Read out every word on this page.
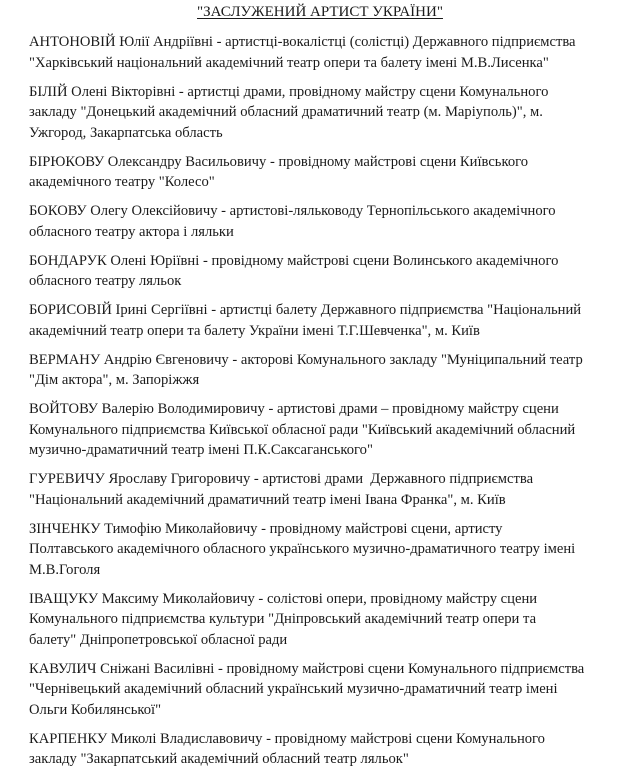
"ЗАСЛУЖЕНИЙ АРТИСТ УКРАЇНИ"
АНТОНОВІЙ Юлії Андріївні - артистці-вокалістці (солістці) Державного підприємства
"Харківський національний академічний театр опери та балету імені М.В.Лисенка"
БІЛІЙ Олені Вікторівні - артистці драми, провідному майстру сцени Комунального
закладу "Донецький академічний обласний драматичний театр (м. Маріуполь)", м.
Ужгород, Закарпатська область
БІРЮКОВУ Олександру Васильовичу - провідному майстрові сцени Київського
академічного театру "Колесо"
БОКОВУ Олегу Олексійовичу - артистові-ляльководу Тернопільського академічного
обласного театру актора і ляльки
БОНДАРУК Олені Юріївні - провідному майстрові сцени Волинського академічного
обласного театру ляльок
БОРИСОВІЙ Ірині Сергіївні - артистці балету Державного підприємства "Національний
академічний театр опери та балету України імені Т.Г.Шевченка", м. Київ
ВЕРМАНУ Андрію Євгеновичу - акторові Комунального закладу "Муніципальний театр
"Дім актора", м. Запоріжжя
ВОЙТОВУ Валерію Володимировичу - артистові драми – провідному майстру сцени
Комунального підприємства Київської обласної ради "Київський академічний обласний
музично-драматичний театр імені П.К.Саксаганського"
ГУРЕВИЧУ Ярославу Григоровичу - артистові драми  Державного підприємства
"Національний академічний драматичний театр імені Івана Франка", м. Київ
ЗІНЧЕНКУ Тимофію Миколайовичу - провідному майстрові сцени, артисту
Полтавського академічного обласного українського музично-драматичного театру імені
М.В.Гоголя
ІВАЩУКУ Максиму Миколайовичу - солістові опери, провідному майстру сцени
Комунального підприємства культури "Дніпровський академічний театр опери та
балету" Дніпропетровської обласної ради
КАВУЛИЧ Сніжані Василівні - провідному майстрові сцени Комунального підприємства
"Чернівецький академічний обласний український музично-драматичний театр імені
Ольги Кобилянської"
КАРПЕНКУ Миколі Владиславовичу - провідному майстрові сцени Комунального
закладу "Закарпатський академічний обласний театр ляльок"
